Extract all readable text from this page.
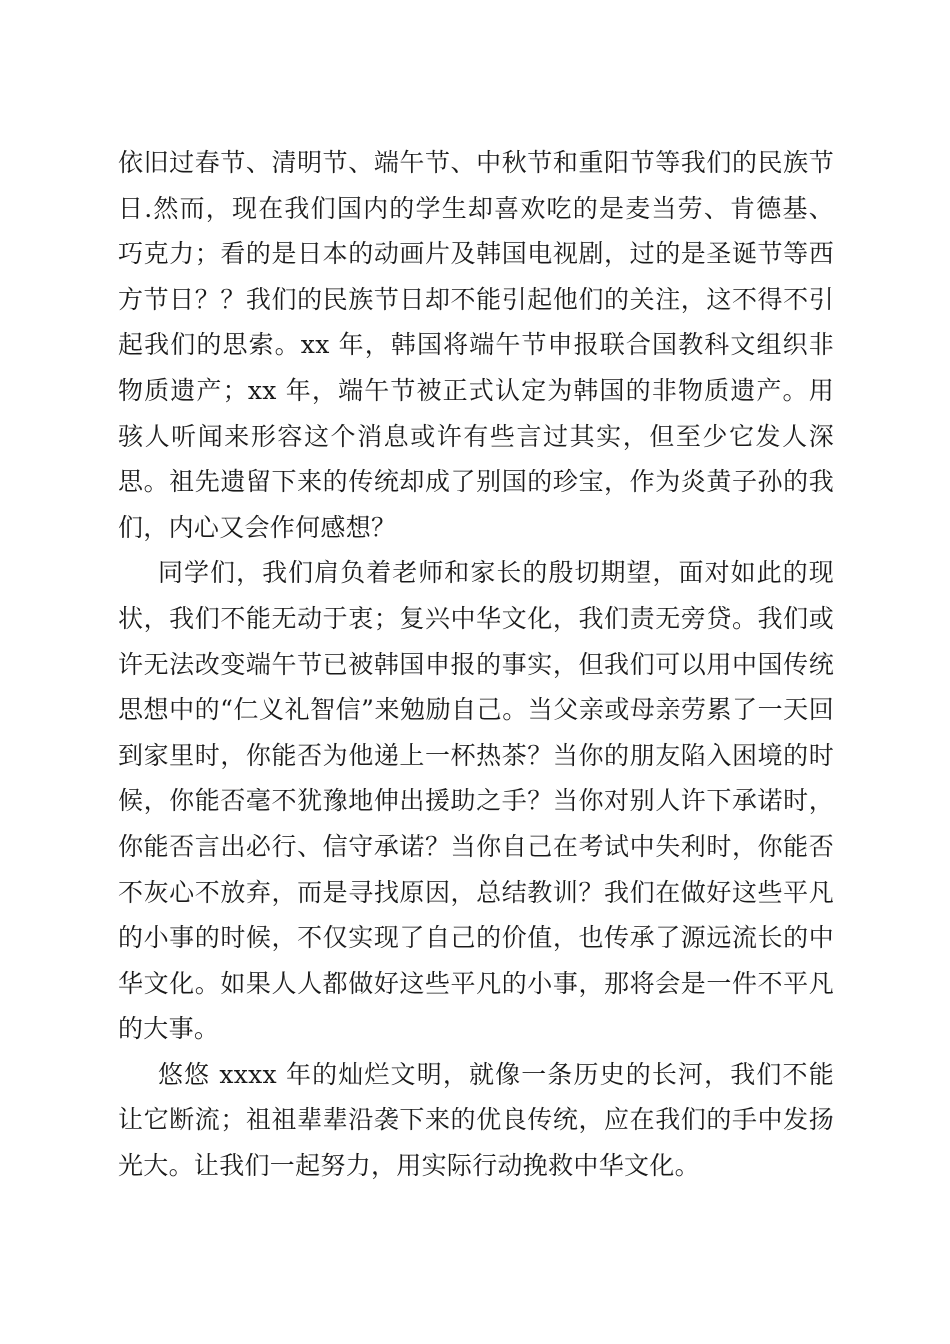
依旧过春节、清明节、端午节、中秋节和重阳节等我们的民族节日.然而，现在我们国内的学生却喜欢吃的是麦当劳、肯德基、巧克力；看的是日本的动画片及韩国电视剧，过的是圣诞节等西方节日？？我们的民族节日却不能引起他们的关注，这不得不引起我们的思索。xx 年，韩国将端午节申报联合国教科文组织非物质遗产；xx 年，端午节被正式认定为韩国的非物质遗产。用骇人听闻来形容这个消息或许有些言过其实，但至少它发人深思。祖先遗留下来的传统却成了别国的珍宝，作为炎黄子孙的我们，内心又会作何感想？

同学们，我们肩负着老师和家长的殷切期望，面对如此的现状，我们不能无动于衷；复兴中华文化，我们责无旁贷。我们或许无法改变端午节已被韩国申报的事实，但我们可以用中国传统思想中的“仁义礼智信”来勉励自己。当父亲或母亲劳累了一天回到家里时，你能否为他递上一杯热茶？当你的朋友陷入困境的时候，你能否毫不犹豫地伸出援助之手？当你对别人许下承诺时，你能否言出必行、信守承诺？当你自己在考试中失利时，你能否不灰心不放弃，而是寻找原因，总结教训？我们在做好这些平凡的小事的时候，不仅实现了自己的价值，也传承了源远流长的中华文化。如果人人都做好这些平凡的小事，那将会是一件不平凡的大事。

悠悠 xxxx 年的灿烂文明，就像一条历史的长河，我们不能让它断流；祖祖辈辈沿袭下来的优良传统，应在我们的手中发扬光大。让我们一起努力，用实际行动挽救中华文化。
